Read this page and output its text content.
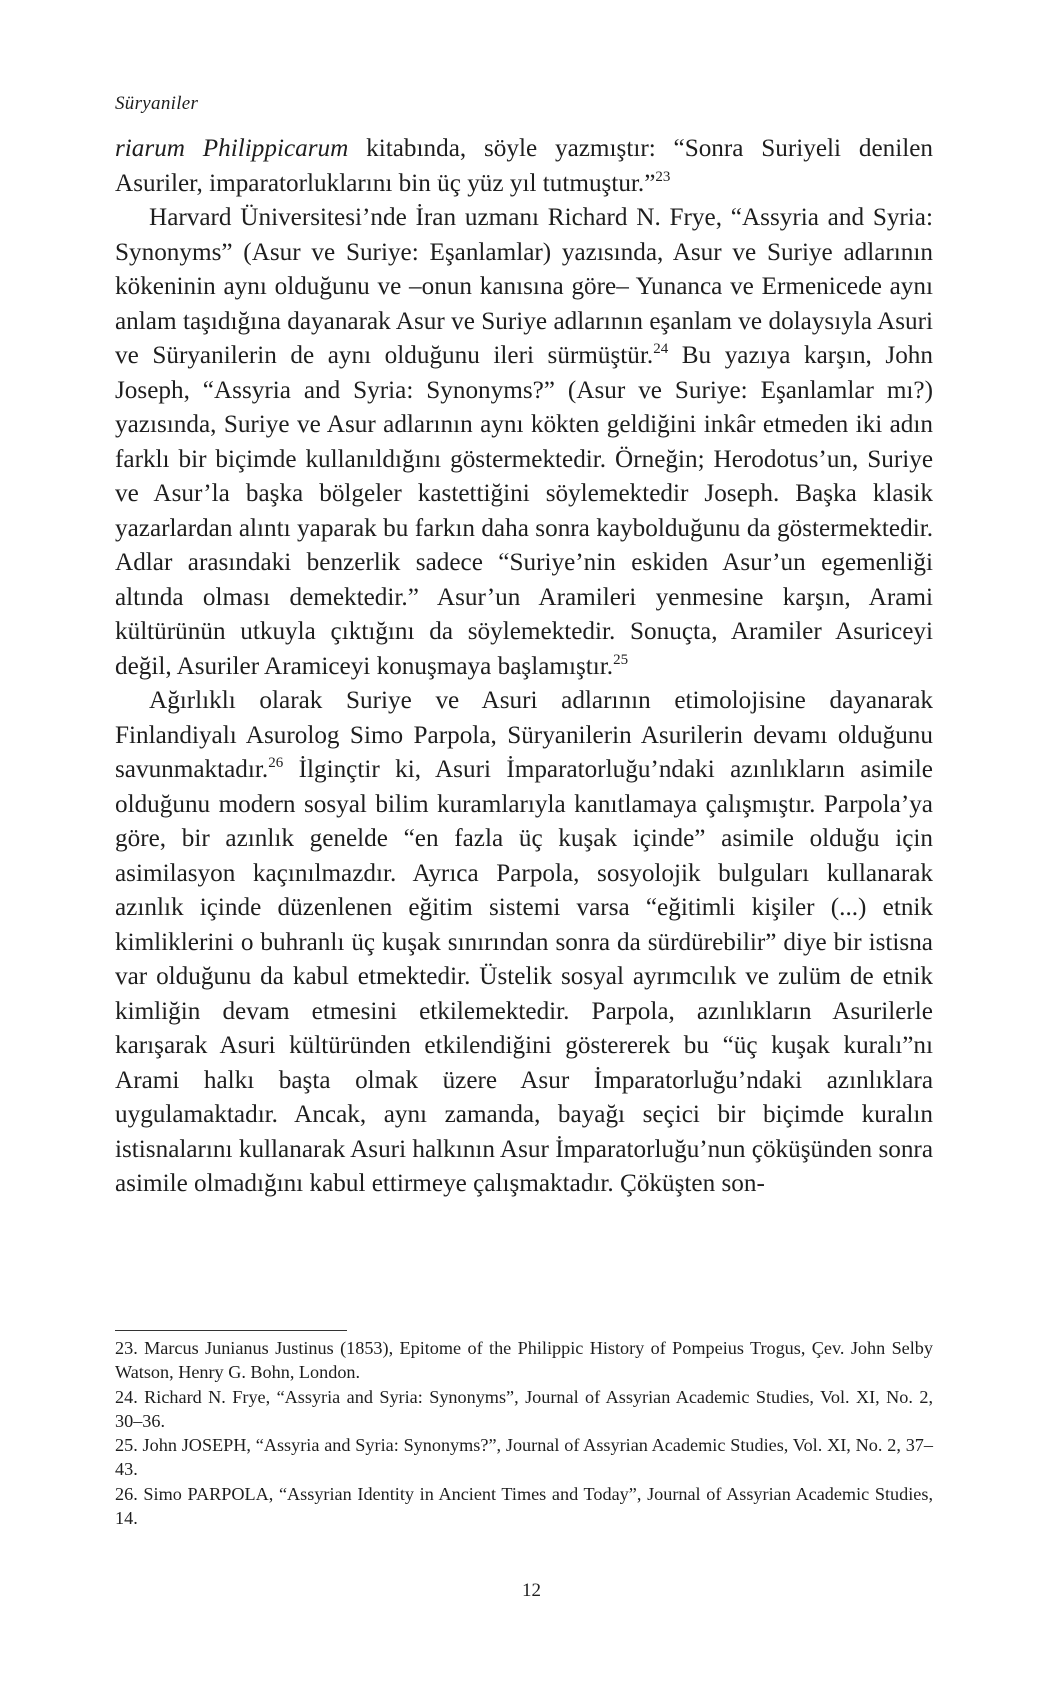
Süryaniler

riarum Philippicarum kitabında, söyle yazmıştır: “Sonra Suriyeli denilen Asuriler, imparatorluklarını bin üç yüz yıl tutmuştur.”$^{23}$

Harvard Üniversitesi’nde İran uzmanı Richard N. Frye, “Assyria and Syria: Synonyms” (Asur ve Suriye: Eşanlamlar) yazısında, Asur ve Suriye adlarının kökeninin aynı olduğunu ve –onun kanısına göre– Yunanca ve Ermenicede aynı anlam taşıdığına dayanarak Asur ve Suriye adlarının eşanlam ve dolaysıyla Asuri ve Süryanilerin de aynı olduğunu ileri sürmüştür.$^{24}$ Bu yazıya karşın, John Joseph, “Assyria and Syria: Synonyms?” (Asur ve Suriye: Eşanlamlar mı?) yazısında, Suriye ve Asur adlarının aynı kökten geldiğini inkâr etmeden iki adın farklı bir biçimde kullanıldığını göstermektedir. Örneğin; Herodotus’un, Suriye ve Asur’la başka bölgeler kastettiğini söylemektedir Joseph. Başka klasik yazarlardan alıntı yaparak bu farkın daha sonra kaybolduğunu da göstermektedir. Adlar arasındaki benzerlik sadece “Suriye’nin eskiden Asur’un egemenliği altında olması demektedir.” Asur’un Aramileri yenmesine karşın, Arami kültürünün utkuyla çıktığını da söylemektedir. Sonuçta, Aramiler Asuriceyi değil, Asuriler Aramiceyi konuşmaya başlamıştır.$^{25}$

Ağırlıklı olarak Suriye ve Asuri adlarının etimolojisine dayanarak Finlandiyalı Asurolog Simo Parpola, Süryanilerin Asurilerin devamı olduğunu savunmaktadır.$^{26}$ İlginçtir ki, Asuri İmparatorluğu’ndaki azınlıkların asimile olduğunu modern sosyal bilim kuramlarıyla kanıtlamaya çalışmıştır. Parpola’ya göre, bir azınlık genelde “en fazla üç kuşak içinde” asimile olduğu için asimilasyon kaçınılmazdır. Ayrıca Parpola, sosyolojik bulguları kullanarak azınlık içinde düzenlenen eğitim sistemi varsa “eğitimli kişiler (...) etnik kimliklerini o buhranlı üç kuşak sınırından sonra da sürdürebilir” diye bir istisna var olduğunu da kabul etmektedir. Üstelik sosyal ayrımcılık ve zulüm de etnik kimliğin devam etmesini etkilemektedir. Parpola, azınlıkların Asurilerle karışarak Asuri kültüründen etkilendiğini göstererek bu “üç kuşak kuralı”nı Arami halkı başta olmak üzere Asur İmparatorluğu’ndaki azınlıklara uygulamaktadır. Ancak, aynı zamanda, bayağı seçici bir biçimde kuralın istisnalarını kullanarak Asuri halkının Asur İmparatorluğu’nun çöküşünden sonra asimile olmadığını kabul ettirmeye çalışmaktadır. Çöküşten son-

23. Marcus Junianus Justinus (1853), Epitome of the Philippic History of Pompeius Trogus, Çev. John Selby Watson, Henry G. Bohn, London.
24. Richard N. Frye, “Assyria and Syria: Synonyms”, Journal of Assyrian Academic Studies, Vol. XI, No. 2, 30–36.
25. John JOSEPH, “Assyria and Syria: Synonyms?”, Journal of Assyrian Academic Studies, Vol. XI, No. 2, 37–43.
26. Simo PARPOLA, “Assyrian Identity in Ancient Times and Today”, Journal of Assyrian Academic Studies, 14.
12
